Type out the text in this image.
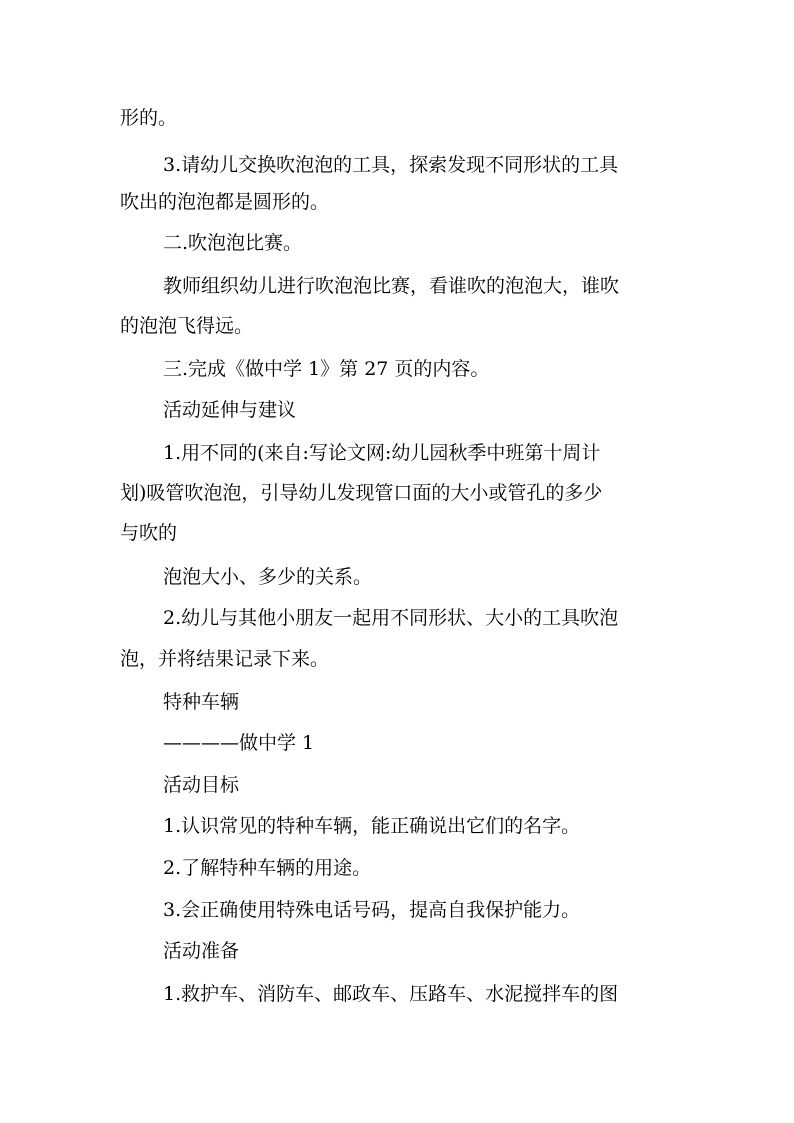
形的。
3.请幼儿交换吹泡泡的工具，探索发现不同形状的工具
吹出的泡泡都是圆形的。
二.吹泡泡比赛。
教师组织幼儿进行吹泡泡比赛，看谁吹的泡泡大，谁吹
的泡泡飞得远。
三.完成《做中学 1》第 27 页的内容。
活动延伸与建议
1.用不同的(来自:写论文网:幼儿园秋季中班第十周计
划)吸管吹泡泡，引导幼儿发现管口面的大小或管孔的多少
与吹的
泡泡大小、多少的关系。
2.幼儿与其他小朋友一起用不同形状、大小的工具吹泡
泡，并将结果记录下来。
特种车辆
————做中学 1
活动目标
1.认识常见的特种车辆，能正确说出它们的名字。
2.了解特种车辆的用途。
3.会正确使用特殊电话号码，提高自我保护能力。
活动准备
1.救护车、消防车、邮政车、压路车、水泥搅拌车的图
